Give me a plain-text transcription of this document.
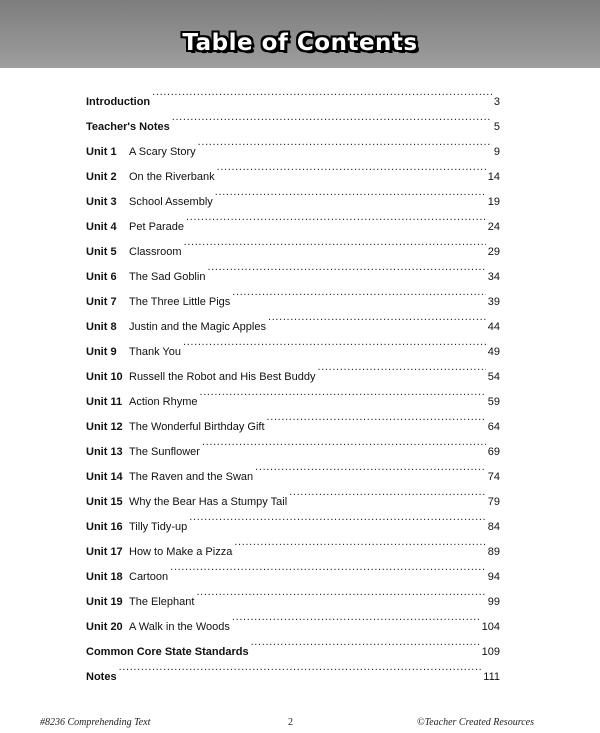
Table of Contents
Introduction . . .	3
Teacher's Notes . . .	5
Unit 1	A Scary Story . . .	9
Unit 2	On the Riverbank . . .	14
Unit 3	School Assembly . . .	19
Unit 4	Pet Parade . . .	24
Unit 5	Classroom . . .	29
Unit 6	The Sad Goblin . . .	34
Unit 7	The Three Little Pigs . . .	39
Unit 8	Justin and the Magic Apples . . .	44
Unit 9	Thank You . . .	49
Unit 10 Russell the Robot and His Best Buddy . . .	54
Unit 11 Action Rhyme . . .	59
Unit 12 The Wonderful Birthday Gift . . .	64
Unit 13 The Sunflower . . .	69
Unit 14 The Raven and the Swan . . .	74
Unit 15 Why the Bear Has a Stumpy Tail . . .	79
Unit 16 Tilly Tidy-up . . .	84
Unit 17 How to Make a Pizza . . .	89
Unit 18 Cartoon . . .	94
Unit 19 The Elephant . . .	99
Unit 20 A Walk in the Woods . . .	104
Common Core State Standards . . .	109
Notes . . .	111
#8236 Comprehending Text	2	©Teacher Created Resources
